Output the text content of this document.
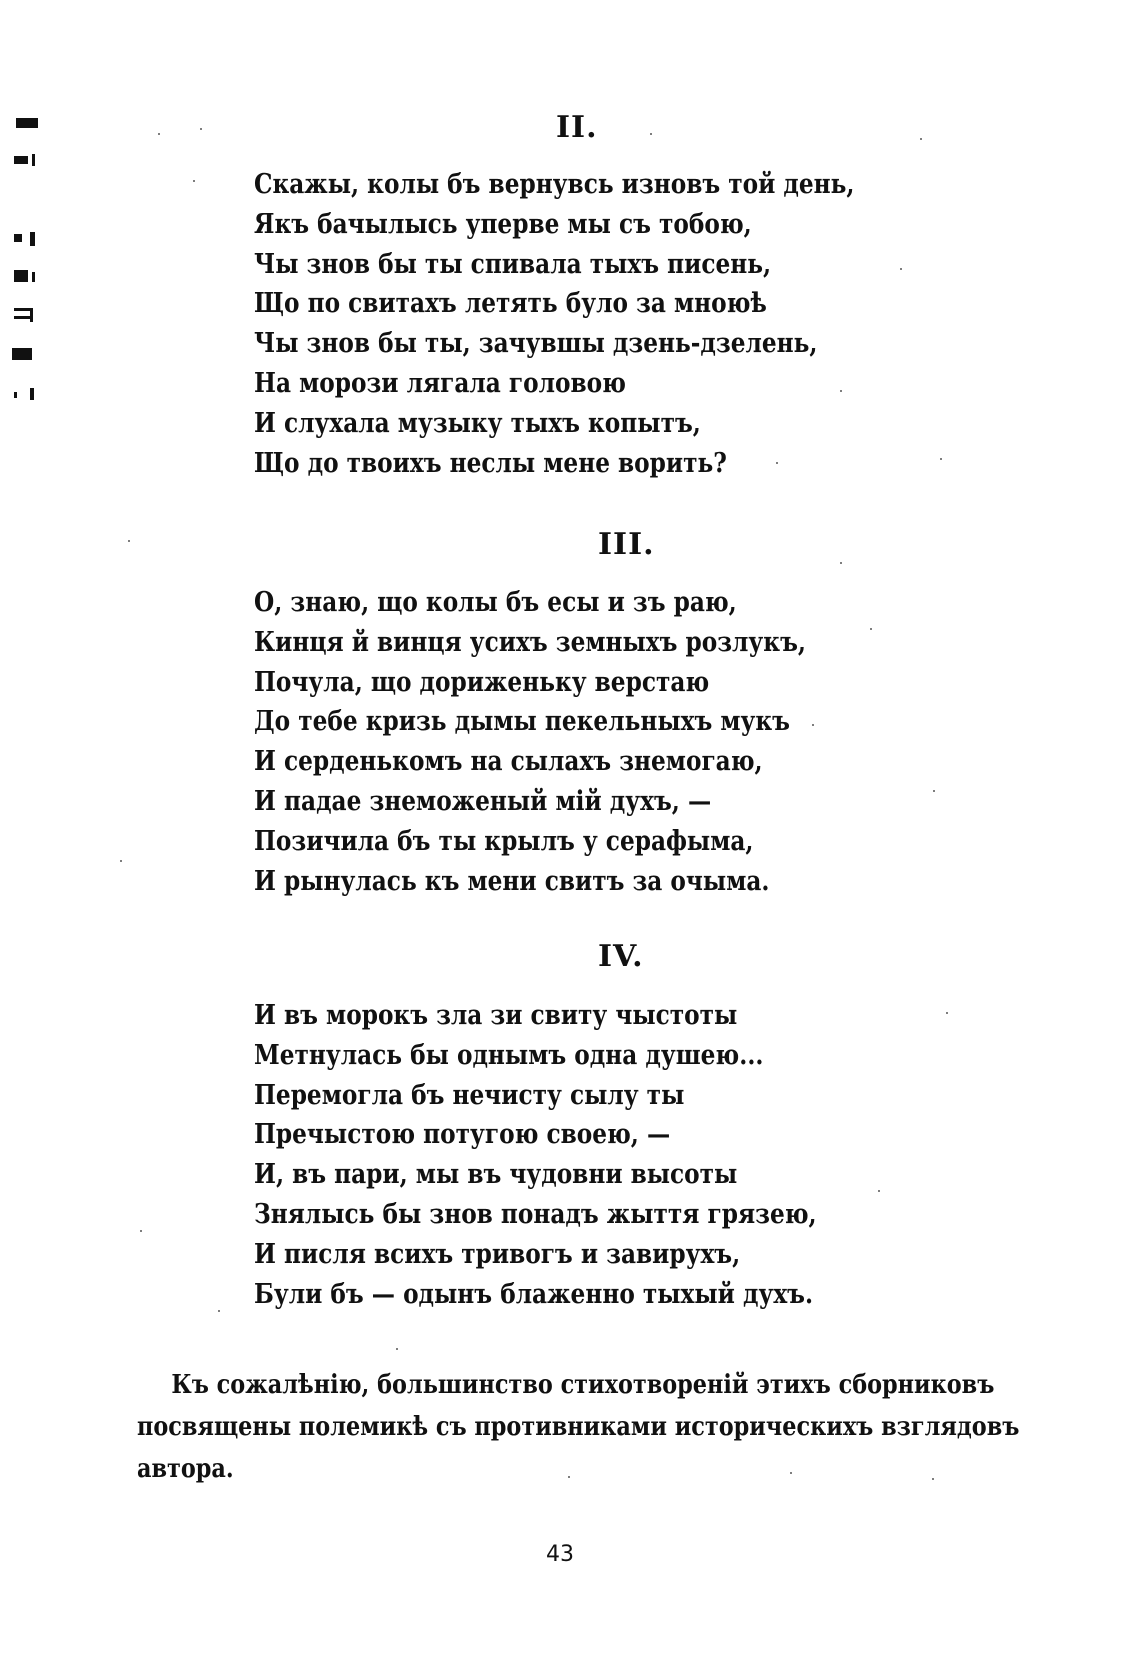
II.
Скажы, колы бъ вернувсь изновъ той день,
Якъ бачылысь уперве мы съ тобою,
Чы знов бы ты спивала тыхъ писень,
Що по свитахъ летять було за мноюѣ
Чы знов бы ты, зачувшы дзень-дзелень,
На морози лягала головою
И слухала музыку тыхъ копытъ,
Що до твоихъ неслы мене ворить?
III.
О, знаю, що колы бъ есы и зъ раю,
Кинця й винця усихъ земныхъ розлукъ,
Почула, що дориженьку верстаю
До тебе кризь дымы пекельныхъ мукъ
И серденькомъ на сылахъ знемогаю,
И падае знеможеный мій духъ, —
Позичила бъ ты крылъ у серафыма,
И рынулась къ мени свитъ за очыма.
IV.
И въ морокъ зла зи свиту чыстоты
Метнулась бы однымъ одна душею...
Перемогла бъ нечисту сылу ты
Пречыстою потугою своею, —
И, въ пари, мы въ чудовни высоты
Знялысь бы знов понадъ жыття грязею,
И писля всихъ тривогъ и завирухъ,
Були бъ — одынъ блаженно тыхый духъ.
Къ сожалѣнію, большинство стихотвореній этихъ сборниковъ
посвящены полемикѣ съ противниками историческихъ взглядовъ
автора.
43
